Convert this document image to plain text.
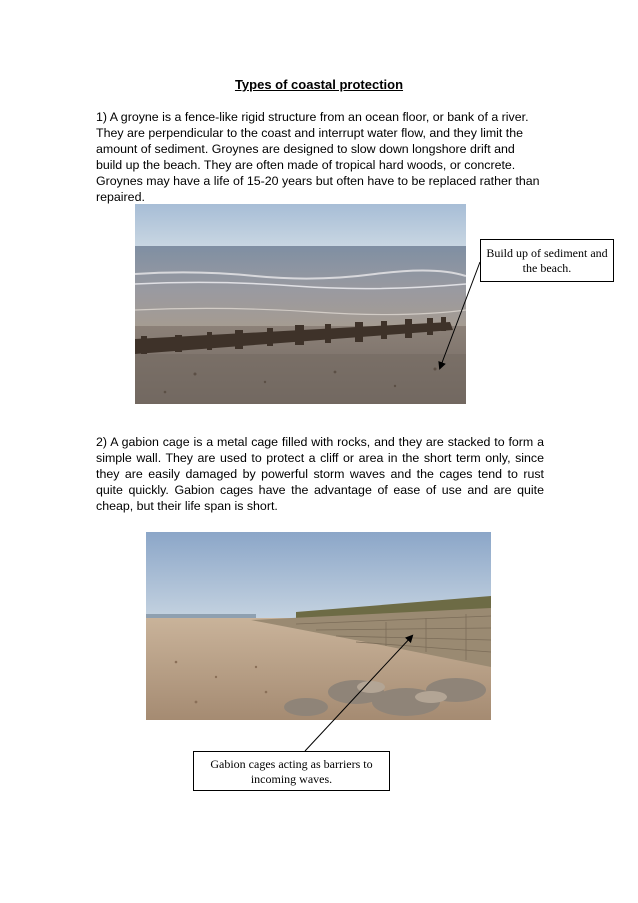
Types of coastal protection
1) A groyne is a fence-like rigid structure from an ocean floor, or bank of a river. They are perpendicular to the coast and interrupt water flow, and they limit the amount of sediment. Groynes are designed to slow down longshore drift and build up the beach. They are often made of tropical hard woods, or concrete. Groynes may have a life of 15-20 years but often have to be replaced rather than repaired.
Build up of sediment and the beach.
2) A gabion cage is a metal cage filled with rocks, and they are stacked to form a simple wall. They are used to protect a cliff or area in the short term only, since they are easily damaged by powerful storm waves and the cages tend to rust quite quickly. Gabion cages have the advantage of ease of use and are quite cheap, but their life span is short.
Gabion cages acting as barriers to incoming waves.
